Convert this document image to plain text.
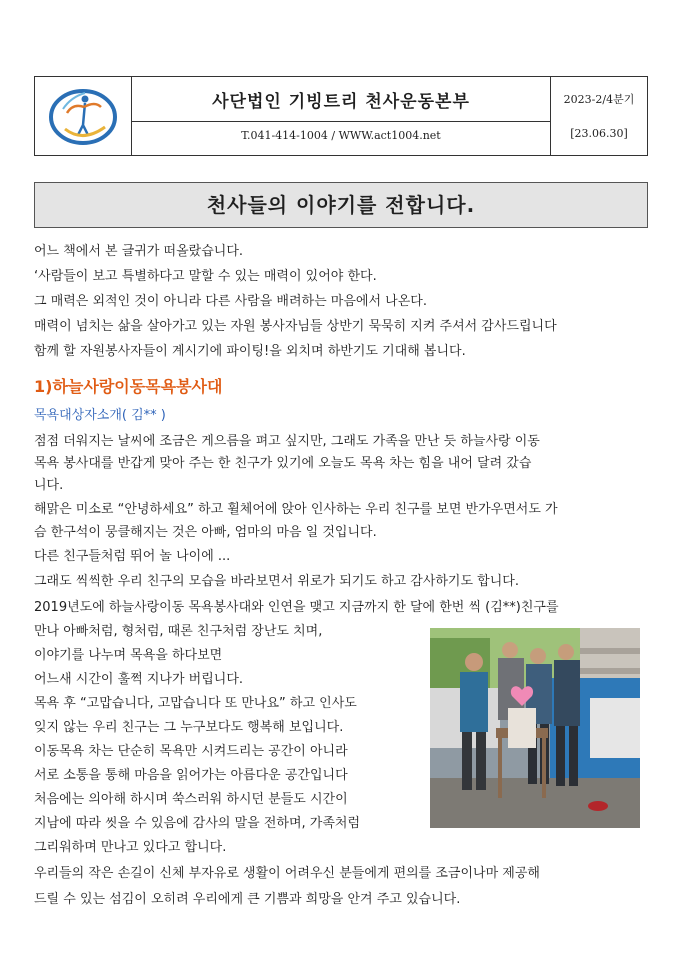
사단법인 기빙트리 천사운동본부
T.041-414-1004 / WWW.act1004.net
2023-2/4분기
[23.06.30]
천사들의 이야기를 전합니다.
어느 책에서 본 글귀가 떠올랐습니다.
‘사람들이 보고 특별하다고 말할 수 있는 매력이 있어야 한다.
그 매력은 외적인 것이 아니라 다른 사람을 배려하는 마음에서 나온다.
매력이 넘치는 삶을 살아가고 있는 자원 봉사자님들 상반기 묵묵히 지켜 주셔서 감사드립니다
함께 할 자원봉사자들이 계시기에 파이팅!을 외치며 하반기도 기대해 봅니다.
1)하늘사랑이동목욕봉사대
목욕대상자소개( 김** )
점점 더워지는 날씨에 조금은 게으름을 펴고 싶지만, 그래도 가족을 만난 듯 하늘사랑 이동
목욕 봉사대를 반갑게 맞아 주는 한 친구가 있기에 오늘도 목욕 차는 힘을 내어 달려 갔습
니다.
해맑은 미소로 “안녕하세요” 하고 휠체어에 앉아 인사하는 우리 친구를 보면 반가우면서도 가
슴 한구석이 뭉클해지는 것은 아빠, 엄마의 마음 일 것입니다.
다른 친구들처럼 뛰어 놀 나이에 ...
그래도 씩씩한 우리 친구의 모습을 바라보면서 위로가 되기도 하고 감사하기도 합니다.
2019년도에 하늘사랑이동 목욕봉사대와 인연을 맺고 지금까지 한 달에 한번 씩 (김**)친구를
만나 아빠처럼, 형처럼, 때론 친구처럼 장난도 치며,
이야기를 나누며 목욕을 하다보면
어느새 시간이 훌쩍 지나가 버립니다.
목욕 후 “고맙습니다, 고맙습니다 또 만나요” 하고 인사도
잊지 않는 우리 친구는 그 누구보다도 행복해 보입니다.
이동목욕 차는 단순히 목욕만 시켜드리는 공간이 아니라
서로 소통을 통해 마음을 읽어가는 아름다운 공간입니다
처음에는 의아해 하시며 쑥스러워 하시던 분들도 시간이
지남에 따라 씻을 수 있음에 감사의 말을 전하며, 가족처럼
그리워하며 만나고 있다고 합니다.
우리들의 작은 손길이 신체 부자유로 생활이 어려우신 분들에게 편의를 조금이나마 제공해
드릴 수 있는 섬김이 오히려 우리에게 큰 기쁨과 희망을 안겨 주고 있습니다.
